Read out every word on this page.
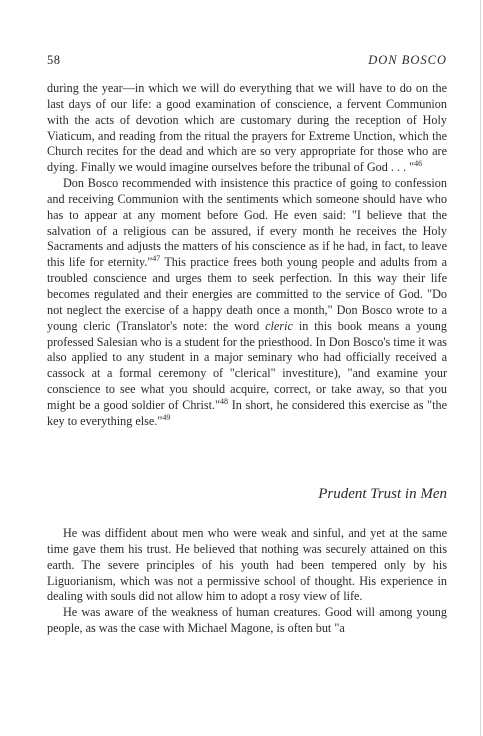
58	DON BOSCO

during the year—in which we will do everything that we will have to do on the last days of our life: a good examination of conscience, a fervent Communion with the acts of devotion which are customary during the reception of Holy Viaticum, and reading from the ritual the prayers for Extreme Unction, which the Church recites for the dead and which are so very appropriate for those who are dying. Finally we would imagine ourselves before the tribunal of God . . . "$^{46}$

Don Bosco recommended with insistence this practice of going to confession and receiving Communion with the sentiments which someone should have who has to appear at any moment before God. He even said: "I believe that the salvation of a religious can be assured, if every month he receives the Holy Sacraments and adjusts the matters of his conscience as if he had, in fact, to leave this life for eternity."$^{47}$ This practice frees both young people and adults from a troubled conscience and urges them to seek perfection. In this way their life becomes regulated and their energies are committed to the service of God. "Do not neglect the exercise of a happy death once a month," Don Bosco wrote to a young cleric (Translator's note: the word cleric in this book means a young professed Salesian who is a student for the priesthood. In Don Bosco's time it was also applied to any student in a major seminary who had officially received a cassock at a formal ceremony of "clerical" investiture), "and examine your conscience to see what you should acquire, correct, or take away, so that you might be a good soldier of Christ."$^{48}$ In short, he considered this exercise as "the key to everything else."$^{49}$

Prudent Trust in Men

He was diffident about men who were weak and sinful, and yet at the same time gave them his trust. He believed that nothing was securely attained on this earth. The severe principles of his youth had been tempered only by his Liguorianism, which was not a permissive school of thought. His experience in dealing with souls did not allow him to adopt a rosy view of life.

He was aware of the weakness of human creatures. Good will among young people, as was the case with Michael Magone, is often but "a
